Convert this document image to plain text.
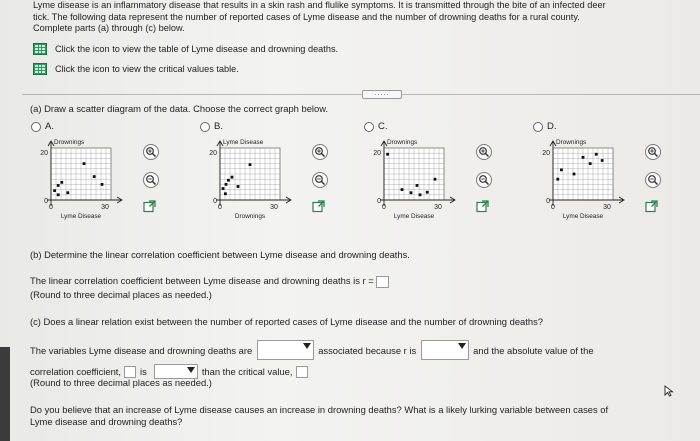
Lyme disease is an inflammatory disease that results in a skin rash and flulike symptoms. It is transmitted through the bite of an infected deer
tick. The following data represent the number of reported cases of Lyme disease and the number of drowning deaths for a rural county.
Complete parts (a) through (c) below.
Click the icon to view the table of Lyme disease and drowning deaths.
Click the icon to view the critical values table.
.....
(a) Draw a scatter diagram of the data. Choose the correct graph below.
A.
Drownings
20
0
0	30
Lyme Disease
B.
Lyme Disease
20
0
0	30
Drownings
C.
Drownings
20
0
0	30
Lyme Disease
D.
Drownings
20
0
0	30
Lyme Disease
(b) Determine the linear correlation coefficient between Lyme disease and drowning deaths.
The linear correlation coefficient between Lyme disease and drowning deaths is r =
(Round to three decimal places as needed.)
(c) Does a linear relation exist between the number of reported cases of Lyme disease and the number of drowning deaths?
The variables Lyme disease and drowning deaths are	associated because r is	and the absolute value of the
correlation coefficient, is	than the critical value,
(Round to three decimal places as needed.)
Do you believe that an increase of Lyme disease causes an increase in drowning deaths? What is a likely lurking variable between cases of
Lyme disease and drowning deaths?
